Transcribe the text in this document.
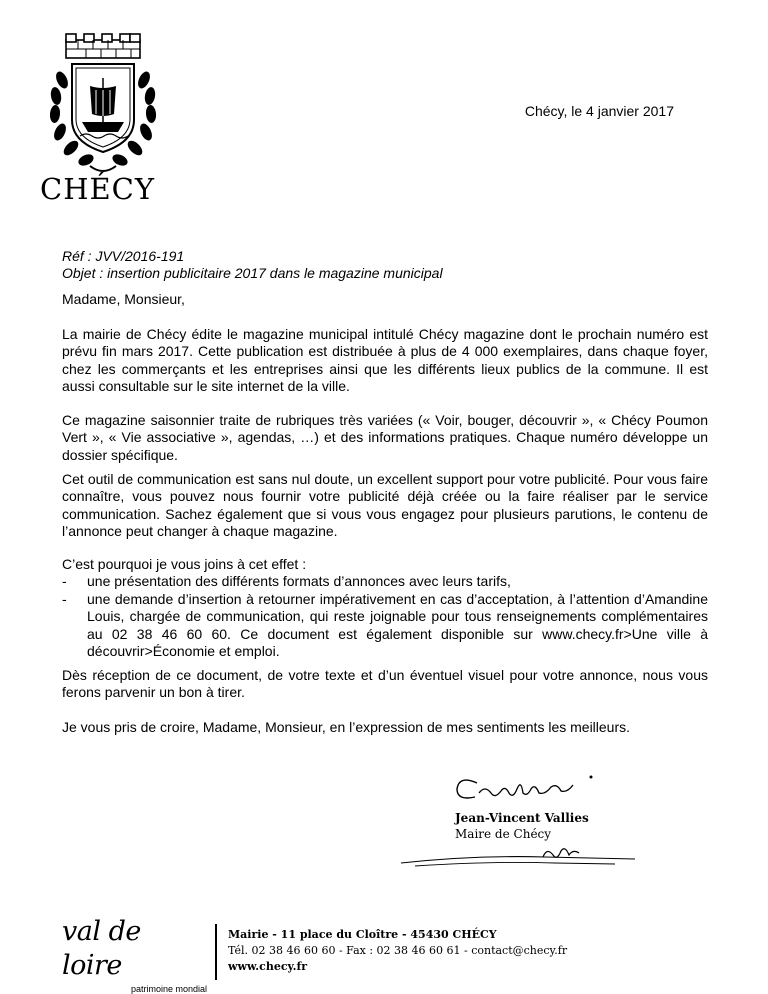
CHÉCY
Chécy, le 4 janvier 2017
Réf : JVV/2016-191
Objet : insertion publicitaire 2017 dans le magazine municipal
Madame, Monsieur,

La mairie de Chécy édite le magazine municipal intitulé Chécy magazine dont le prochain numéro est prévu fin mars 2017. Cette publication est distribuée à plus de 4 000 exemplaires, dans chaque foyer, chez les commerçants et les entreprises ainsi que les différents lieux publics de la commune. Il est aussi consultable sur le site internet de la ville.

Ce magazine saisonnier traite de rubriques très variées (« Voir, bouger, découvrir », « Chécy Poumon Vert », « Vie associative », agendas, …) et des informations pratiques. Chaque numéro développe un dossier spécifique.

Cet outil de communication est sans nul doute, un excellent support pour votre publicité. Pour vous faire connaître, vous pouvez nous fournir votre publicité déjà créée ou la faire réaliser par le service communication. Sachez également que si vous vous engagez pour plusieurs parutions, le contenu de l’annonce peut changer à chaque magazine.

C’est pourquoi je vous joins à cet effet :
- une présentation des différents formats d’annonces avec leurs tarifs,
- une demande d’insertion à retourner impérativement en cas d’acceptation, à l’attention d’Amandine Louis, chargée de communication, qui reste joignable pour tous renseignements complémentaires au 02 38 46 60 60. Ce document est également disponible sur www.checy.fr>Une ville à découvrir>Économie et emploi.

Dès réception de ce document, de votre texte et d’un éventuel visuel pour votre annonce, nous vous ferons parvenir un bon à tirer.

Je vous pris de croire, Madame, Monsieur, en l’expression de mes sentiments les meilleurs.

Jean-Vincent Vallies
Maire de Chécy
val de loire
patrimoine mondial
Mairie - 11 place du Cloître - 45430 CHÉCY
Tél. 02 38 46 60 60 - Fax : 02 38 46 60 61 - contact@checy.fr
www.checy.fr
